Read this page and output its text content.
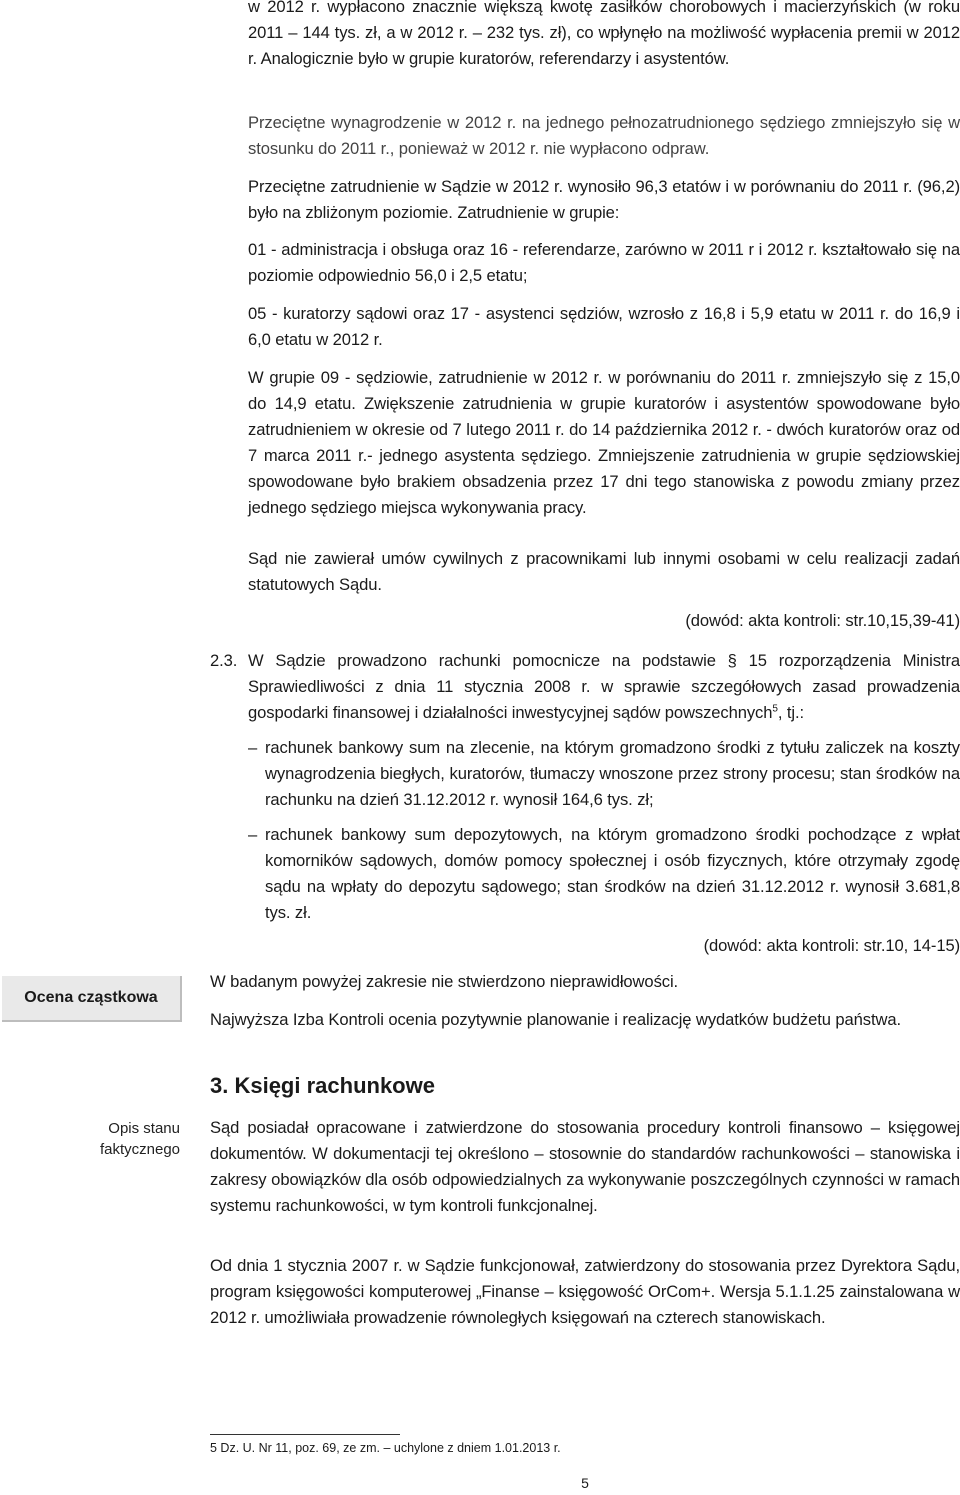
w 2012 r. wypłacono znacznie większą kwotę zasiłków chorobowych i macierzyńskich (w roku 2011 – 144 tys. zł, a w 2012 r. – 232 tys. zł), co wpłynęło na możliwość wypłacenia premii w 2012 r. Analogicznie było w grupie kuratorów, referendarzy i asystentów.

Przeciętne wynagrodzenie w 2012 r. na jednego pełnozatrudnionego sędziego zmniejszyło się w stosunku do 2011 r., ponieważ w 2012 r. nie wypłacono odpraw.

Przeciętne zatrudnienie w Sądzie w 2012 r. wynosiło 96,3 etatów i w porównaniu do 2011 r. (96,2) było na zbliżonym poziomie. Zatrudnienie w grupie:

01 - administracja i obsługa oraz 16 - referendarze, zarówno w 2011 r i 2012 r. kształtowało się na poziomie odpowiednio 56,0 i 2,5 etatu;

05 - kuratorzy sądowi oraz 17 - asystenci sędziów, wzrosło z 16,8 i 5,9 etatu w 2011 r. do 16,9 i 6,0 etatu w 2012 r.

W grupie 09 - sędziowie, zatrudnienie w 2012 r. w porównaniu do 2011 r. zmniejszyło się z 15,0 do 14,9 etatu. Zwiększenie zatrudnienia w grupie kuratorów i asystentów spowodowane było zatrudnieniem w okresie od 7 lutego 2011 r. do 14 października 2012 r. - dwóch kuratorów oraz od 7 marca 2011 r.- jednego asystenta sędziego. Zmniejszenie zatrudnienia w grupie sędziowskiej spowodowane było brakiem obsadzenia przez 17 dni tego stanowiska z powodu zmiany przez jednego sędziego miejsca wykonywania pracy.

Sąd nie zawierał umów cywilnych z pracownikami lub innymi osobami w celu realizacji zadań statutowych Sądu.

(dowód: akta kontroli: str.10,15,39-41)

2.3. W Sądzie prowadzono rachunki pomocnicze na podstawie § 15 rozporządzenia Ministra Sprawiedliwości z dnia 11 stycznia 2008 r. w sprawie szczegółowych zasad prowadzenia gospodarki finansowej i działalności inwestycyjnej sądów powszechnych$^5$, tj.:

– rachunek bankowy sum na zlecenie, na którym gromadzono środki z tytułu zaliczek na koszty wynagrodzenia biegłych, kuratorów, tłumaczy wnoszone przez strony procesu; stan środków na rachunku na dzień 31.12.2012 r. wynosił 164,6 tys. zł;

– rachunek bankowy sum depozytowych, na którym gromadzono środki pochodzące z wpłat komorników sądowych, domów pomocy społecznej i osób fizycznych, które otrzymały zgodę sądu na wpłaty do depozytu sądowego; stan środków na dzień 31.12.2012 r. wynosił 3.681,8 tys. zł.

(dowód: akta kontroli: str.10, 14-15)

Ocena cząstkowa

W badanym powyżej zakresie nie stwierdzono nieprawidłowości.

Najwyższa Izba Kontroli ocenia pozytywnie planowanie i realizację wydatków budżetu państwa.

3. Księgi rachunkowe
Opis stanu faktycznego

Sąd posiadał opracowane i zatwierdzone do stosowania procedury kontroli finansowo – księgowej dokumentów. W dokumentacji tej określono – stosownie do standardów rachunkowości – stanowiska i zakresy obowiązków dla osób odpowiedzialnych za wykonywanie poszczególnych czynności w ramach systemu rachunkowości, w tym kontroli funkcjonalnej.

Od dnia 1 stycznia 2007 r. w Sądzie funkcjonował, zatwierdzony do stosowania przez Dyrektora Sądu, program księgowości komputerowej „Finanse – księgowość OrCom+. Wersja 5.1.1.25 zainstalowana w 2012 r. umożliwiała prowadzenie równoległych księgowań na czterech stanowiskach.

5 Dz. U. Nr 11, poz. 69, ze zm. – uchylone z dniem 1.01.2013 r.
5
